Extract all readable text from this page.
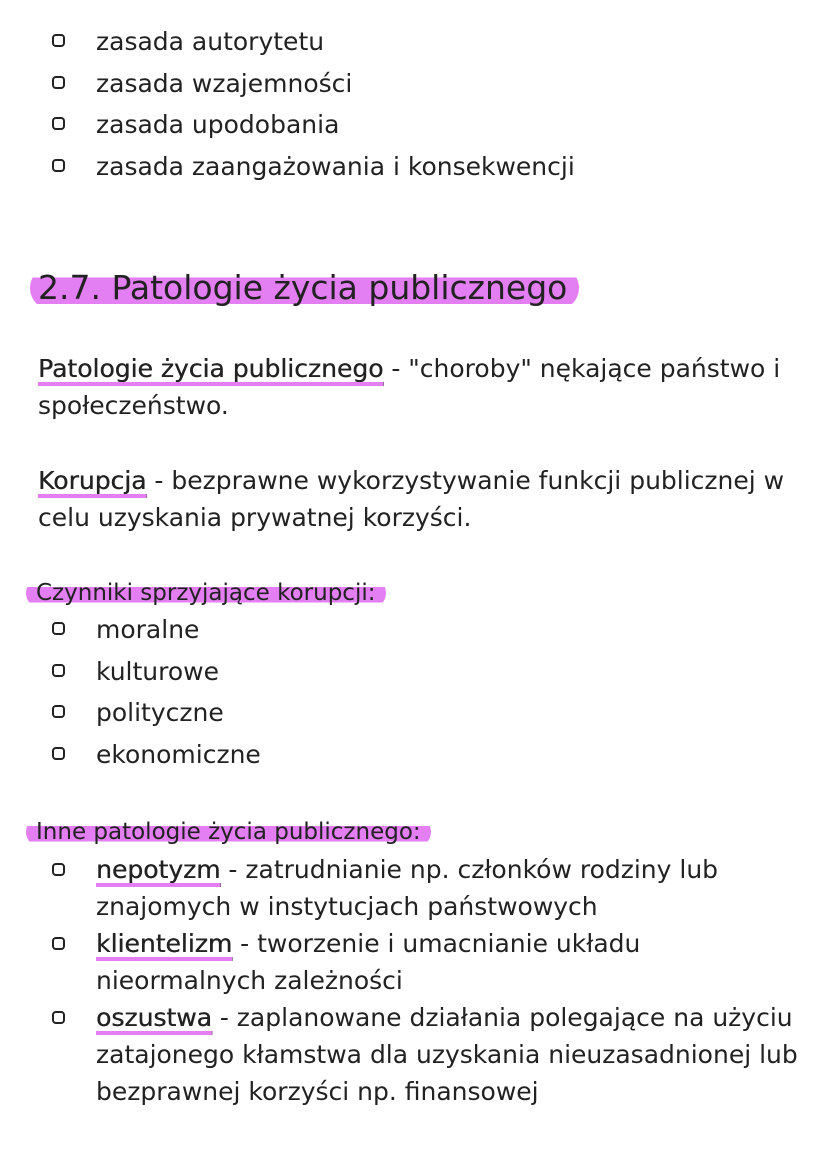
zasada autorytetu
zasada wzajemności
zasada upodobania
zasada zaangażowania i konsekwencji
2.7. Patologie życia publicznego

Patologie życia publicznego - "choroby" nękające państwo i społeczeństwo.

Korupcja - bezprawne wykorzystywanie funkcji publicznej w celu uzyskania prywatnej korzyści.

Czynniki sprzyjające korupcji:
moralne
kulturowe
polityczne
ekonomiczne
Inne patologie życia publicznego:
nepotyzm - zatrudnianie np. członków rodziny lub znajomych w instytucjach państwowych
klientelizm - tworzenie i umacnianie układu nieormalnych zależności
oszustwa - zaplanowane działania polegające na użyciu zatajonego kłamstwa dla uzyskania nieuzasadnionej lub bezprawnej korzyści np. finansowej
